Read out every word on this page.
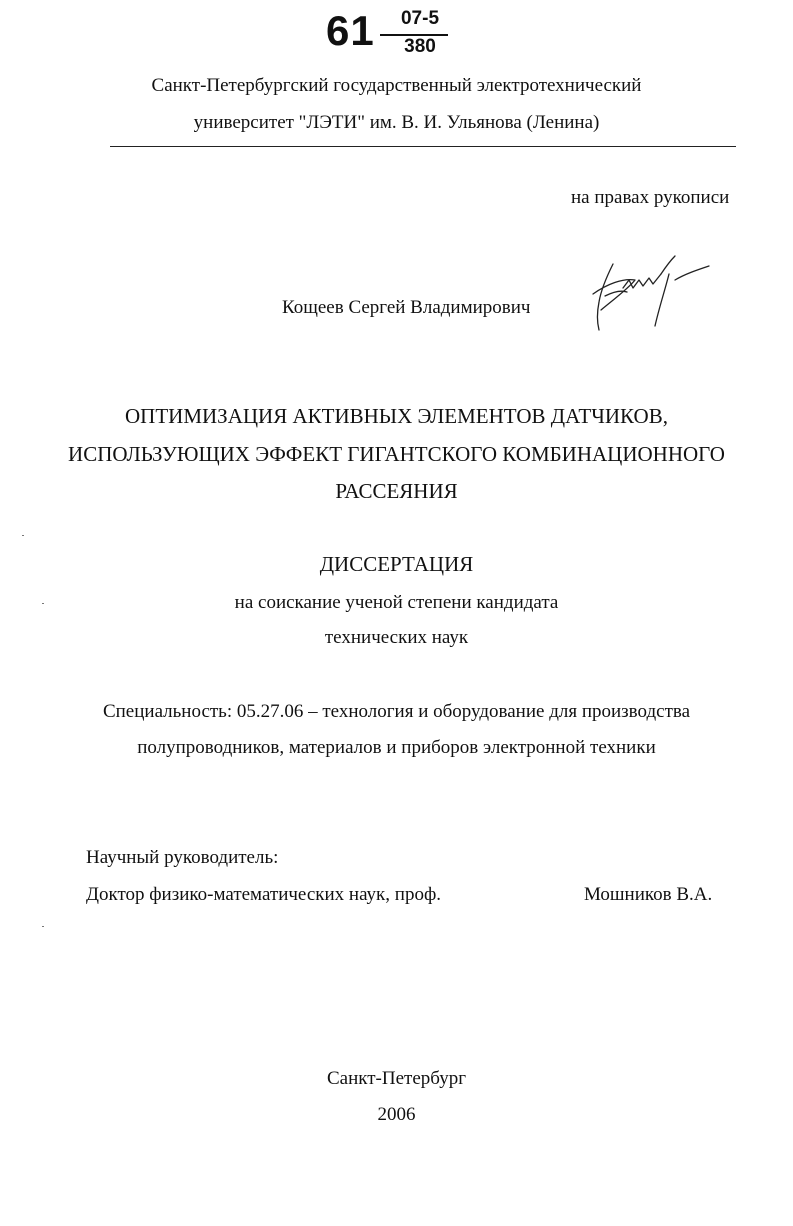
61	07-5
380
Санкт-Петербургский государственный электротехнический
университет "ЛЭТИ" им. В. И. Ульянова (Ленина)
на правах рукописи
Кощеев Сергей Владимирович
ОПТИМИЗАЦИЯ АКТИВНЫХ ЭЛЕМЕНТОВ ДАТЧИКОВ,
ИСПОЛЬЗУЮЩИХ ЭФФЕКТ ГИГАНТСКОГО КОМБИНАЦИОННОГО
РАССЕЯНИЯ
ДИССЕРТАЦИЯ
на соискание ученой степени кандидата
технических наук
Специальность: 05.27.06 – технология и оборудование для производства
полупроводников, материалов и приборов электронной техники
Научный руководитель:
Доктор физико-математических наук, проф.	Мошников В.А.
Санкт-Петербург
2006
